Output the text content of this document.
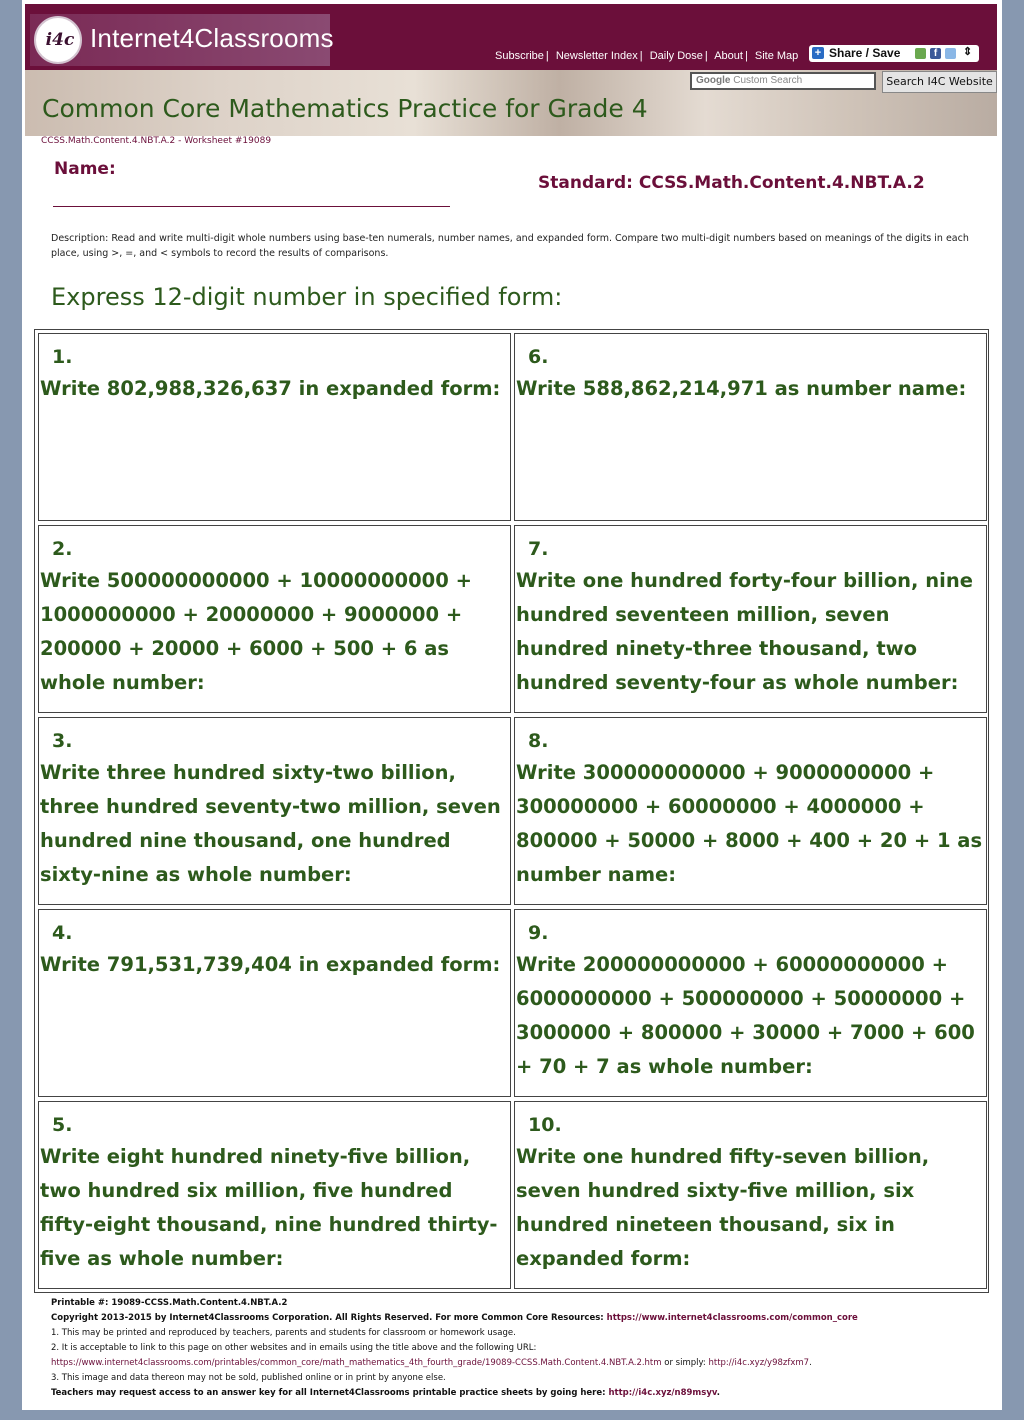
i4c Internet4Classrooms
Subscribe | Newsletter Index | Daily Dose | About | Site Map + Share / Save	f	⇕
Google Custom Search	Search I4C Website
Common Core Mathematics Practice for Grade 4
CCSS.Math.Content.4.NBT.A.2 - Worksheet #19089
Name:
Standard: CCSS.Math.Content.4.NBT.A.2
Description: Read and write multi-digit whole numbers using base-ten numerals, number names, and expanded form. Compare two multi-digit numbers based on meanings of the digits in each place, using >, =, and < symbols to record the results of comparisons.
Express 12-digit number in specified form:
1.
Write 802,988,326,637 in expanded form:
2.
Write 500000000000 + 10000000000 + 1000000000 + 20000000 + 9000000 + 200000 + 20000 + 6000 + 500 + 6 as whole number:
3.
Write three hundred sixty-two billion, three hundred seventy-two million, seven hundred nine thousand, one hundred sixty-nine as whole number:
4.
Write 791,531,739,404 in expanded form:
5.
Write eight hundred ninety-five billion, two hundred six million, five hundred fifty-eight thousand, nine hundred thirty-five as whole number:
6.
Write 588,862,214,971 as number name:
7.
Write one hundred forty-four billion, nine hundred seventeen million, seven hundred ninety-three thousand, two hundred seventy-four as whole number:
8.
Write 300000000000 + 9000000000 + 300000000 + 60000000 + 4000000 + 800000 + 50000 + 8000 + 400 + 20 + 1 as number name:
9.
Write 200000000000 + 60000000000 + 6000000000 + 500000000 + 50000000 + 3000000 + 800000 + 30000 + 7000 + 600 + 70 + 7 as whole number:
10.
Write one hundred fifty-seven billion, seven hundred sixty-five million, six hundred nineteen thousand, six in expanded form:
Printable #: 19089-CCSS.Math.Content.4.NBT.A.2
Copyright 2013-2015 by Internet4Classrooms Corporation. All Rights Reserved. For more Common Core Resources: https://www.internet4classrooms.com/common_core
1. This may be printed and reproduced by teachers, parents and students for classroom or homework usage.
2. It is acceptable to link to this page on other websites and in emails using the title above and the following URL:
https://www.internet4classrooms.com/printables/common_core/math_mathematics_4th_fourth_grade/19089-CCSS.Math.Content.4.NBT.A.2.htm or simply: http://i4c.xyz/y98zfxm7.
3. This image and data thereon may not be sold, published online or in print by anyone else.
Teachers may request access to an answer key for all Internet4Classrooms printable practice sheets by going here: http://i4c.xyz/n89msyv.
